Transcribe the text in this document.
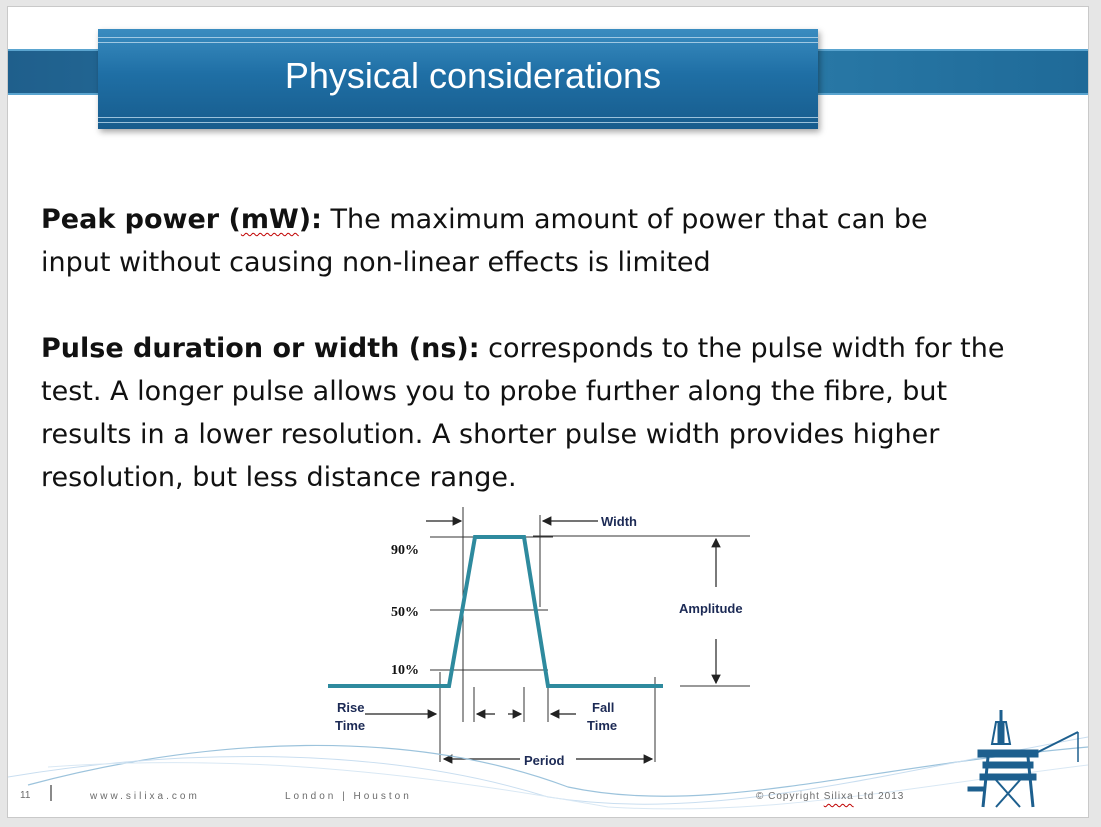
Physical considerations
Peak power (mW): The maximum amount of power that can be
input without causing non-linear effects is limited
Pulse duration or width (ns): corresponds to the pulse width for the
test. A longer pulse allows you to probe further along the fibre, but
results in a lower resolution. A shorter pulse width provides higher
resolution, but less distance range.
90%
50%
10%
Width
Amplitude
Rise
Time
Fall
Time
Period
11	www.silixa.com	London | Houston	© Copyright Silixa Ltd 2013
